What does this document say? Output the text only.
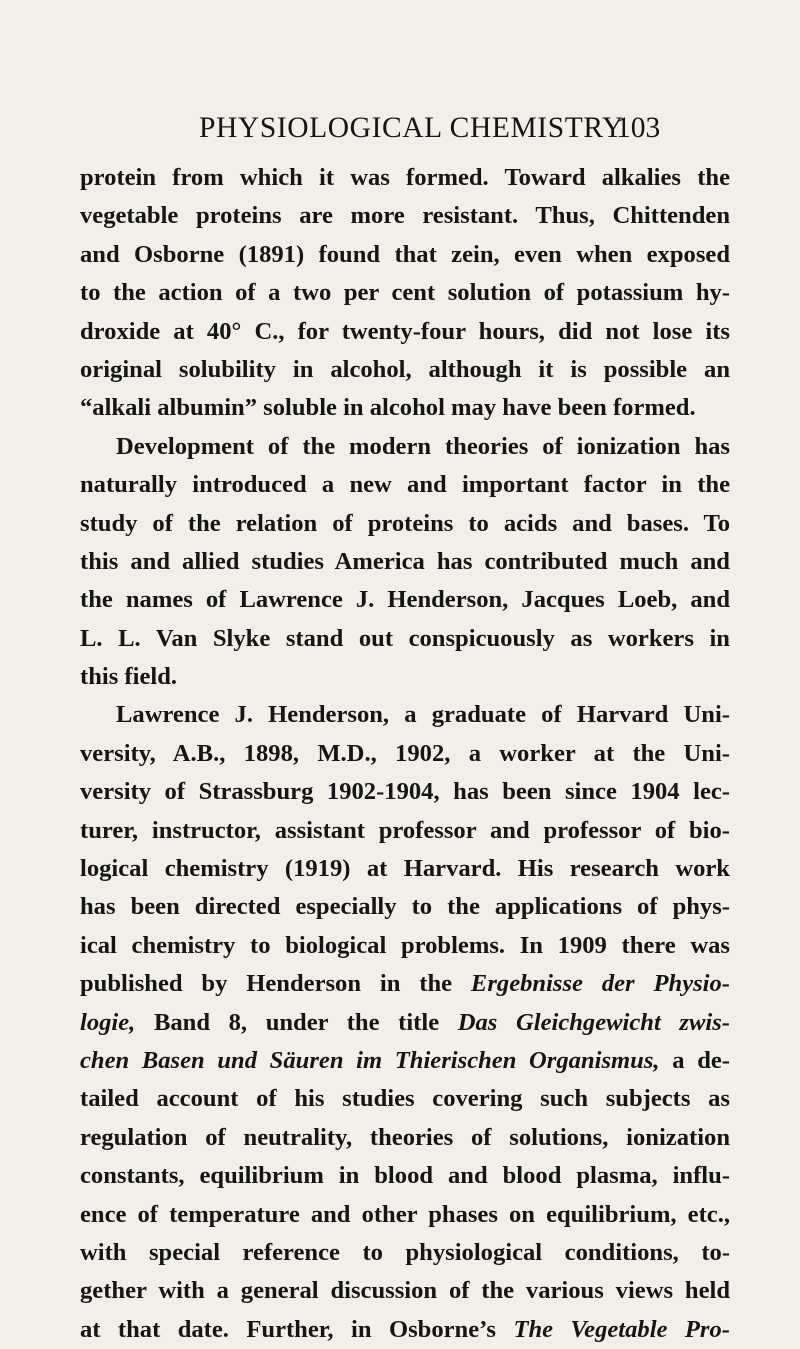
PHYSIOLOGICAL CHEMISTRY
103
protein from which it was formed. Toward alkalies the
vegetable proteins are more resistant. Thus, Chittenden
and Osborne (1891) found that zein, even when exposed
to the action of a two per cent solution of potassium hy-
droxide at 40° C., for twenty-four hours, did not lose its
original solubility in alcohol, although it is possible an
“alkali albumin” soluble in alcohol may have been formed.
Development of the modern theories of ionization has
naturally introduced a new and important factor in the
study of the relation of proteins to acids and bases. To
this and allied studies America has contributed much and
the names of Lawrence J. Henderson, Jacques Loeb, and
L. L. Van Slyke stand out conspicuously as workers in
this field.
Lawrence J. Henderson, a graduate of Harvard Uni-
versity, A.B., 1898, M.D., 1902, a worker at the Uni-
versity of Strassburg 1902-1904, has been since 1904 lec-
turer, instructor, assistant professor and professor of bio-
logical chemistry (1919) at Harvard. His research work
has been directed especially to the applications of phys-
ical chemistry to biological problems. In 1909 there was
published by Henderson in the Ergebnisse der Physio-
logie, Band 8, under the title Das Gleichgewicht zwis-
chen Basen und Säuren im Thierischen Organismus, a de-
tailed account of his studies covering such subjects as
regulation of neutrality, theories of solutions, ionization
constants, equilibrium in blood and blood plasma, influ-
ence of temperature and other phases on equilibrium, etc.,
with special reference to physiological conditions, to-
gether with a general discussion of the various views held
at that date. Further, in Osborne’s The Vegetable Pro-
